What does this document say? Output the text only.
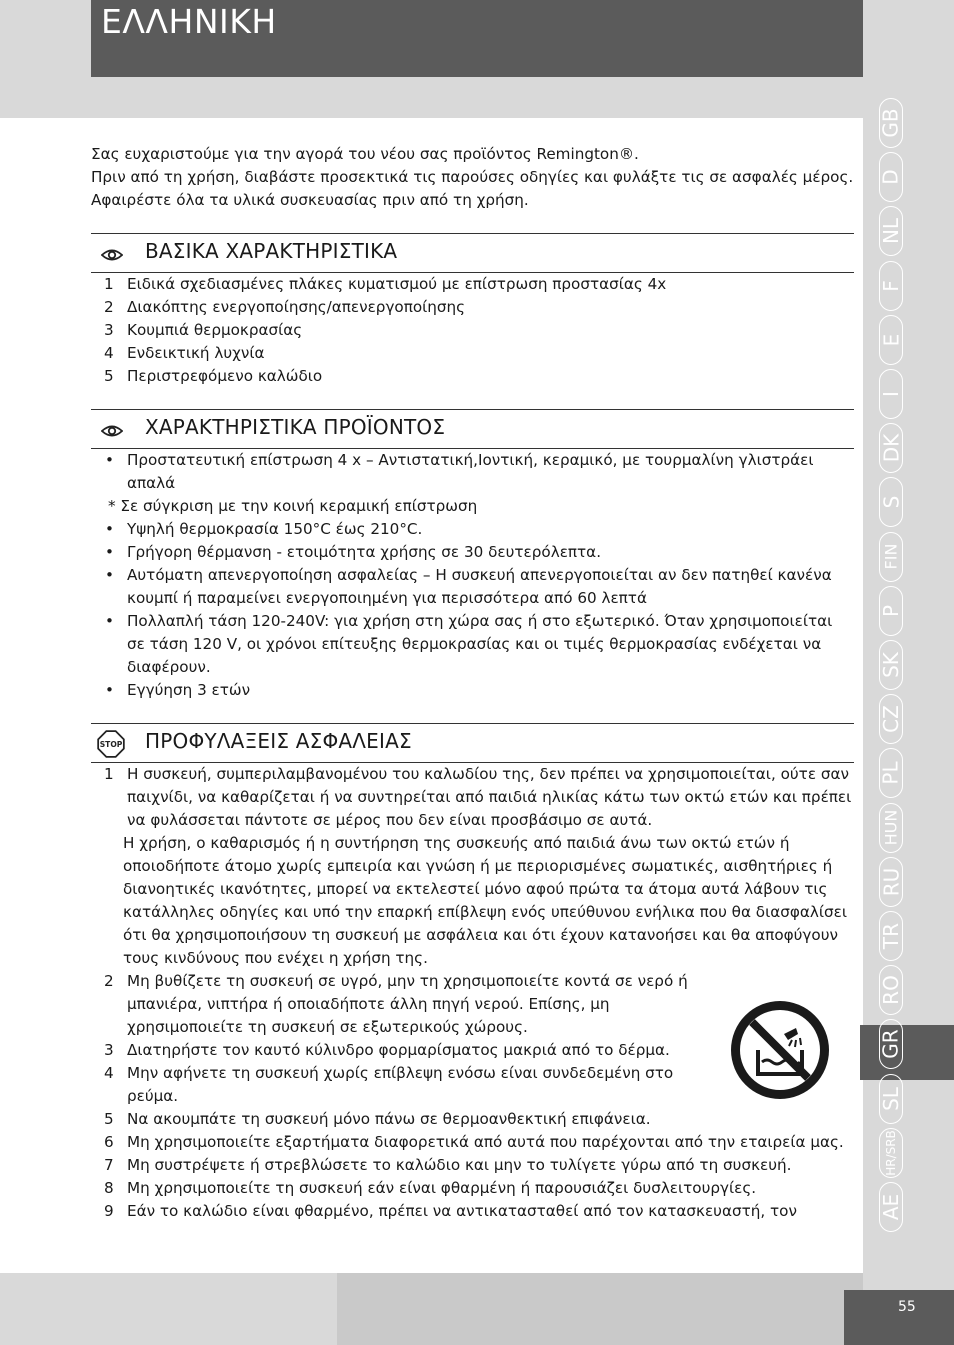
ΕΛΛΗΝΙΚΗ

Σας ευχαριστούμε για την αγορά του νέου σας προϊόντος Remington®.

Πριν από τη χρήση, διαβάστε προσεκτικά τις παρούσες οδηγίες και φυλάξτε τις σε ασφαλές μέρος. Αφαιρέστε όλα τα υλικά συσκευασίας πριν από τη χρήση.

ΒΑΣΙΚΑ ΧΑΡΑΚΤΗΡΙΣΤΙΚΑ
1 Ειδικά σχεδιασμένες πλάκες κυματισμού με επίστρωση προστασίας 4x
2 Διακόπτης ενεργοποίησης/απενεργοποίησης
3 Κουμπιά θερμοκρασίας
4 Ενδεικτική λυχνία
5 Περιστρεφόμενο καλώδιο
ΧΑΡΑΚΤΗΡΙΣΤΙΚΑ ΠΡΟΪΟΝΤΟΣ
• Προστατευτική επίστρωση 4 x – Αντιστατική,Ιοντική, κεραμικό, με τουρμαλίνη γλιστράει απαλά
* Σε σύγκριση με την κοινή κεραμική επίστρωση
• Υψηλή θερμοκρασία 150°C έως 210°C.
• Γρήγορη θέρμανση - ετοιμότητα χρήσης σε 30 δευτερόλεπτα.
• Αυτόματη απενεργοποίηση ασφαλείας – Η συσκευή απενεργοποιείται αν δεν πατηθεί κανένα κουμπί ή παραμείνει ενεργοποιημένη για περισσότερα από 60 λεπτά
• Πολλαπλή τάση 120-240V: για χρήση στη χώρα σας ή στο εξωτερικό. Όταν χρησιμοποιείται σε τάση 120 V, οι χρόνοι επίτευξης θερμοκρασίας και οι τιμές θερμοκρασίας ενδέχεται να διαφέρουν.
• Εγγύηση 3 ετών
STOP ΠΡΟΦΥΛΑΞΕΙΣ ΑΣΦΑΛΕΙΑΣ
1 Η συσκευή, συμπεριλαμβανομένου του καλωδίου της, δεν πρέπει να χρησιμοποιείται, ούτε σαν παιχνίδι, να καθαρίζεται ή να συντηρείται από παιδιά ηλικίας κάτω των οκτώ ετών και πρέπει να φυλάσσεται πάντοτε σε μέρος που δεν είναι προσβάσιμο σε αυτά.
Η χρήση, ο καθαρισμός ή η συντήρηση της συσκευής από παιδιά άνω των οκτώ ετών ή οποιοδήποτε άτομο χωρίς εμπειρία και γνώση ή με περιορισμένες σωματικές, αισθητήριες ή διανοητικές ικανότητες, μπορεί να εκτελεστεί μόνο αφού πρώτα τα άτομα αυτά λάβουν τις κατάλληλες οδηγίες και υπό την επαρκή επίβλεψη ενός υπεύθυνου ενήλικα που θα διασφαλίσει ότι θα χρησιμοποιήσουν τη συσκευή με ασφάλεια και ότι έχουν κατανοήσει και θα αποφύγουν τους κινδύνους που ενέχει η χρήση της.
2 Μη βυθίζετε τη συσκευή σε υγρό, μην τη χρησιμοποιείτε κοντά σε νερό ή μπανιέρα, νιπτήρα ή οποιαδήποτε άλλη πηγή νερού. Επίσης, μη χρησιμοποιείτε τη συσκευή σε εξωτερικούς χώρους.
3 Διατηρήστε τον καυτό κύλινδρο φορμαρίσματος μακριά από το δέρμα.
4 Μην αφήνετε τη συσκευή χωρίς επίβλεψη ενόσω είναι συνδεδεμένη στο ρεύμα.
5 Να ακουμπάτε τη συσκευή μόνο πάνω σε θερμοανθεκτική επιφάνεια.
6 Μη χρησιμοποιείτε εξαρτήματα διαφορετικά από αυτά που παρέχονται από την εταιρεία μας.
7 Μη συστρέψετε ή στρεβλώσετε το καλώδιο και μην το τυλίγετε γύρω από τη συσκευή.
8 Μη χρησιμοποιείτε τη συσκευή εάν είναι φθαρμένη ή παρουσιάζει δυσλειτουργίες.
9 Εάν το καλώδιο είναι φθαρμένο, πρέπει να αντικατασταθεί από τον κατασκευαστή, τον
GB
D
NL
F
E
I
DK
S
FIN
P
SK
CZ
PL
HUN
RU
TR
RO
GR
SL
HR/SRB
AE
55
